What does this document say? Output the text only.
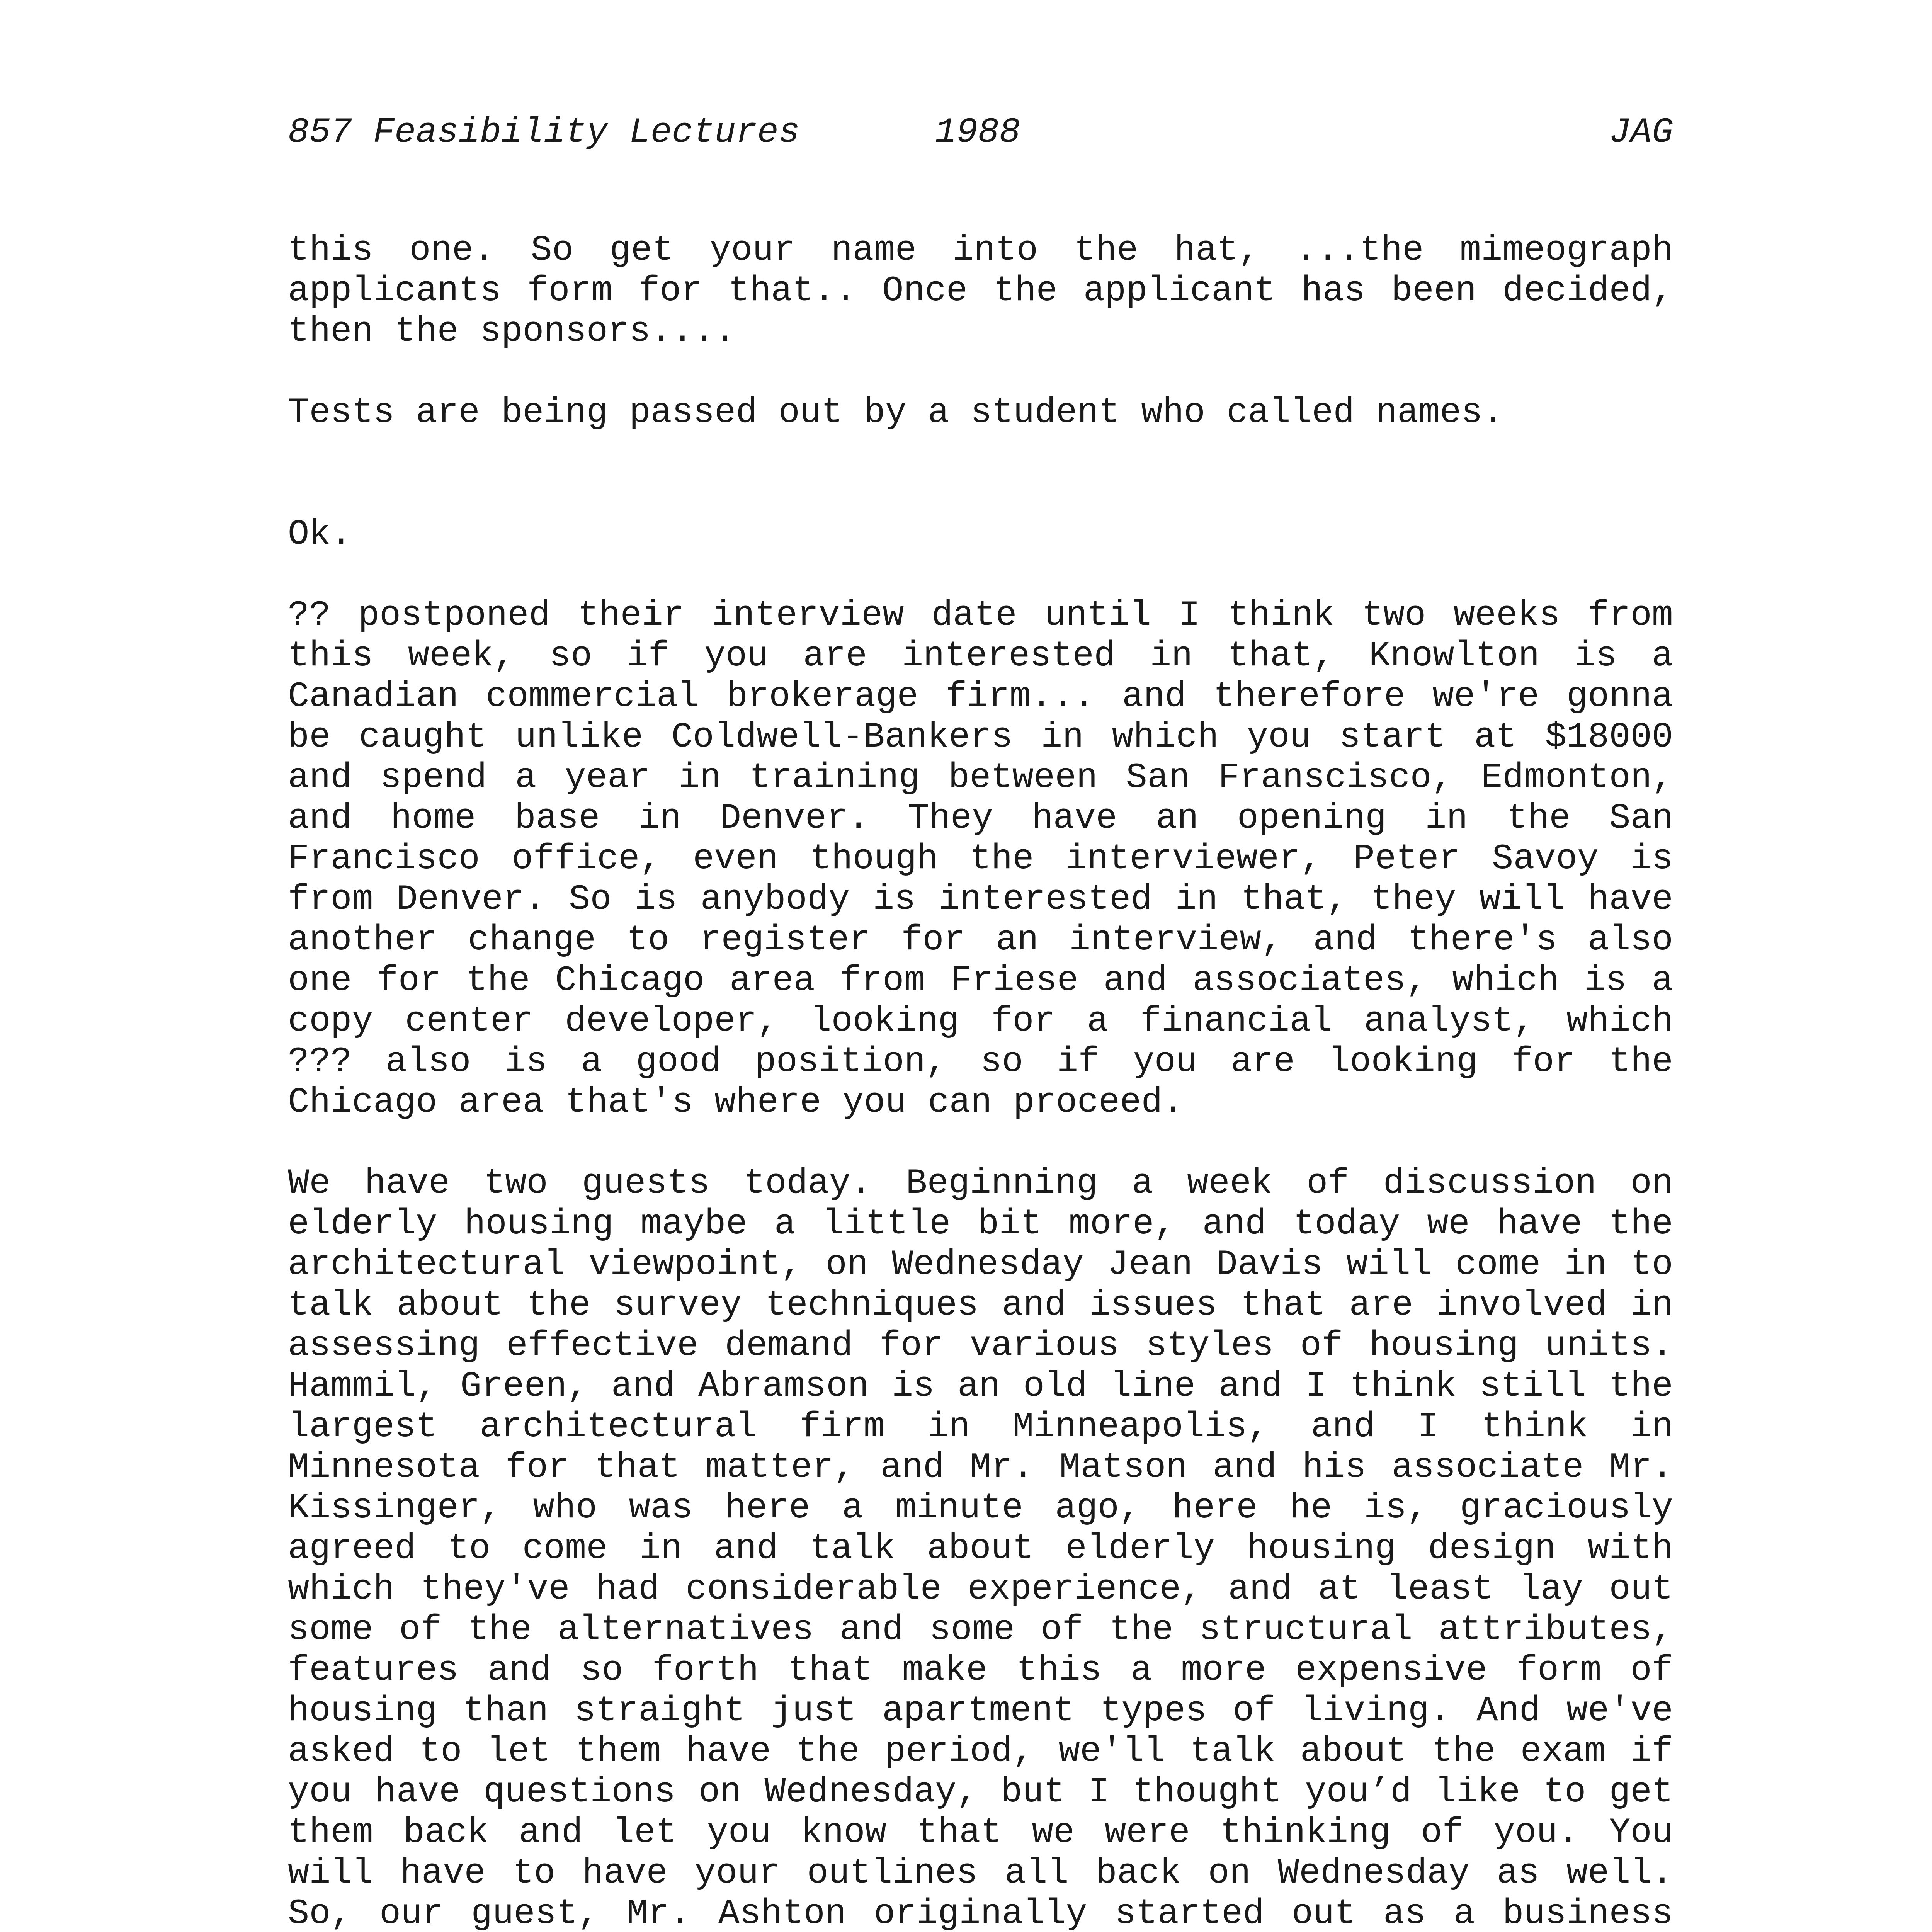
857 Feasibility Lectures

	1988

	JAG

this one. So get your name into the hat, ...the mimeograph applicants form for that.. Once the applicant has been decided, then the sponsors....

Tests are being passed out by a student who called names.

Ok.

?? postponed their interview date until I think two weeks from this week, so if you are interested in that, Knowlton is a Canadian commercial brokerage firm... and therefore we're gonna be caught unlike Coldwell-Bankers in which you start at $18000 and spend a year in training between San Franscisco, Edmonton, and home base in Denver. They have an opening in the San Francisco office, even though the interviewer, Peter Savoy is from Denver. So is anybody is interested in that, they will have another change to register for an interview, and there's also one for the Chicago area from Friese and associates, which is a copy center developer, looking for a financial analyst, which ??? also is a good position, so if you are looking for the Chicago area that's where you can proceed.

We have two guests today. Beginning a week of discussion on elderly housing maybe a little bit more, and today we have the architectural viewpoint, on Wednesday Jean Davis will come in to talk about the survey techniques and issues that are involved in assessing effective demand for various styles of housing units. Hammil, Green, and Abramson is an old line and I think still the largest architectural firm in Minneapolis, and I think in Minnesota for that matter, and Mr. Matson and his associate Mr. Kissinger, who was here a minute ago, here he is, graciously agreed to come in and talk about elderly housing design with which they've had considerable experience, and at least lay out some of the alternatives and some of the structural attributes, features and so forth that make this a more expensive form of housing than straight just apartment types of living. And we've asked to let them have the period, we'll talk about the exam if you have questions on Wednesday, but I thought you’d like to get them back and let you know that we were thinking of you. You will have to have your outlines all back on Wednesday as well. So, our guest, Mr. Ashton originally started out as a business
